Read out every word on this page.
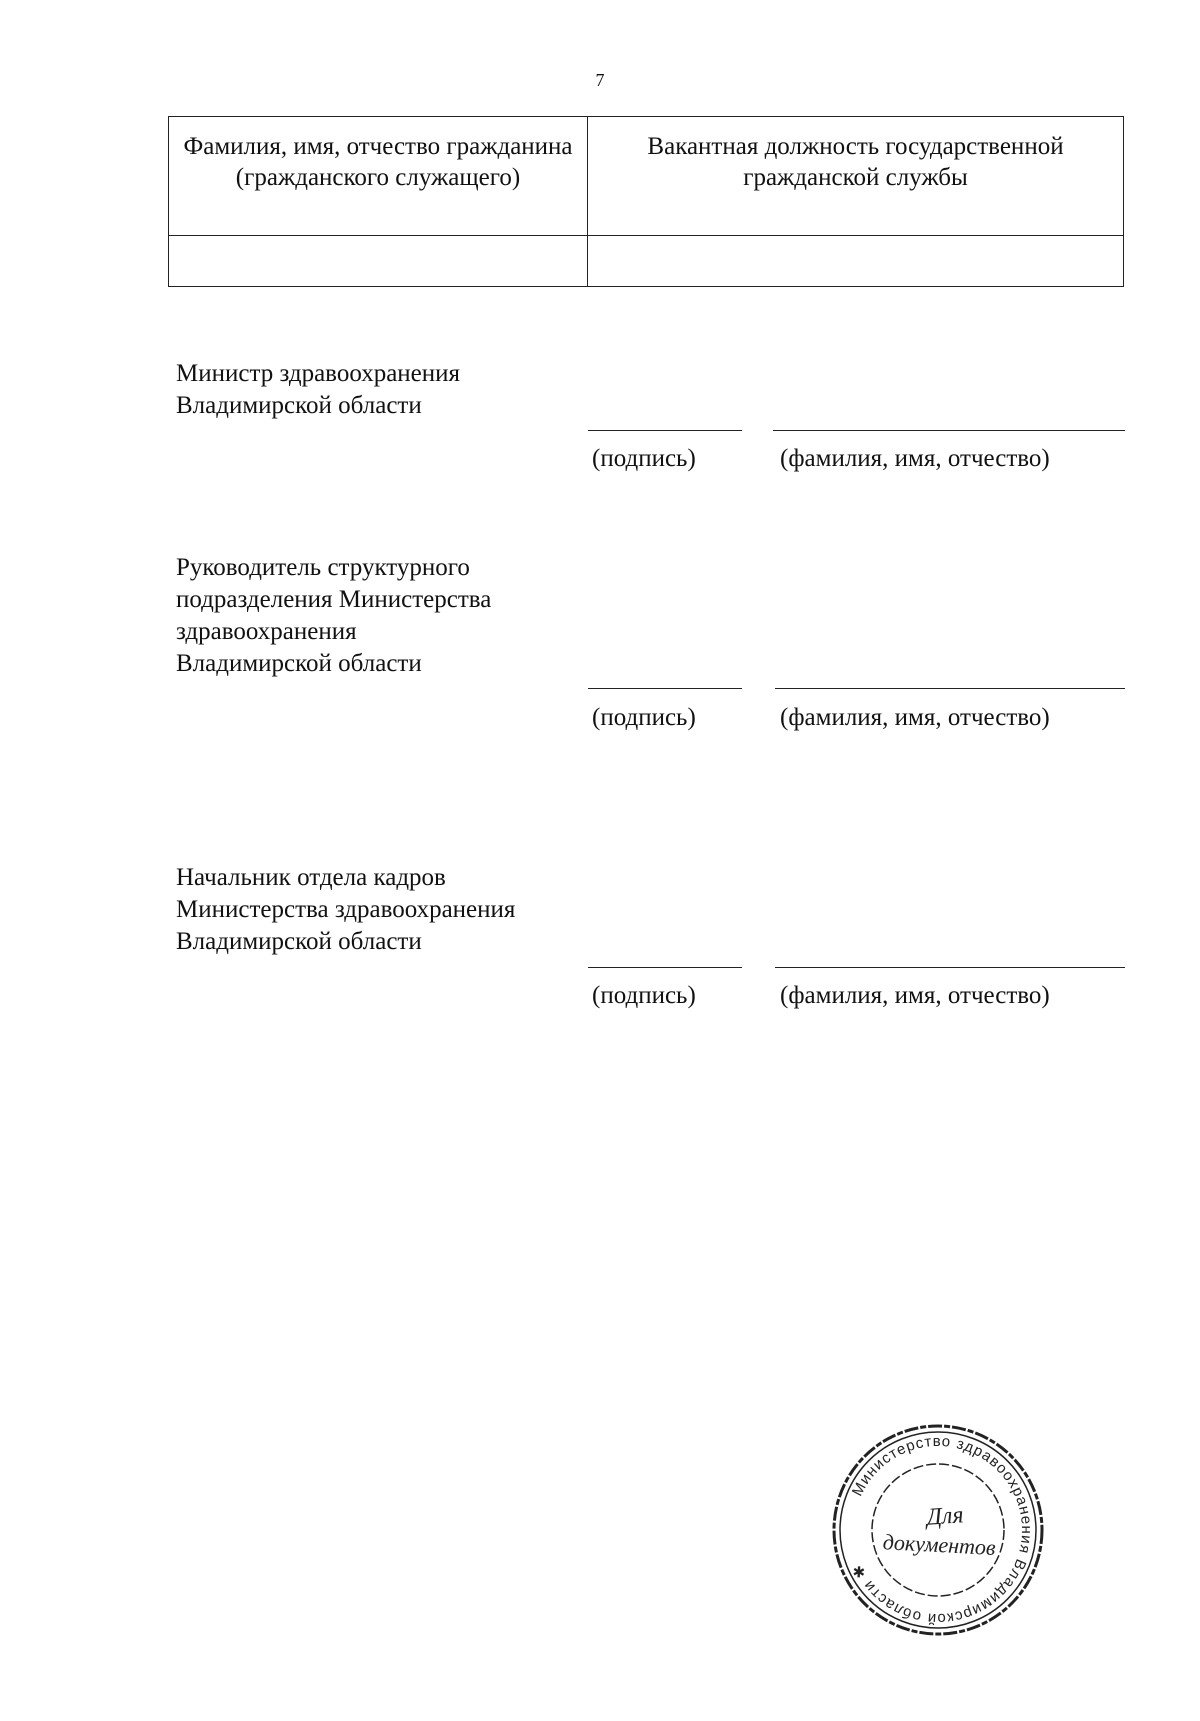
7
Фамилия, имя, отчество гражданина (гражданского служащего)	Вакантная должность государственной гражданской службы

Министр здравоохранения
Владимирской области
(подпись)	(фамилия, имя, отчество)
Руководитель структурного
подразделения Министерства
здравоохранения
Владимирской области
(подпись)	(фамилия, имя, отчество)
Начальник отдела кадров
Министерства здравоохранения
Владимирской области
(подпись)	(фамилия, имя, отчество)
Министерство здравоохранения Владимирской области ✱
Для
документов
